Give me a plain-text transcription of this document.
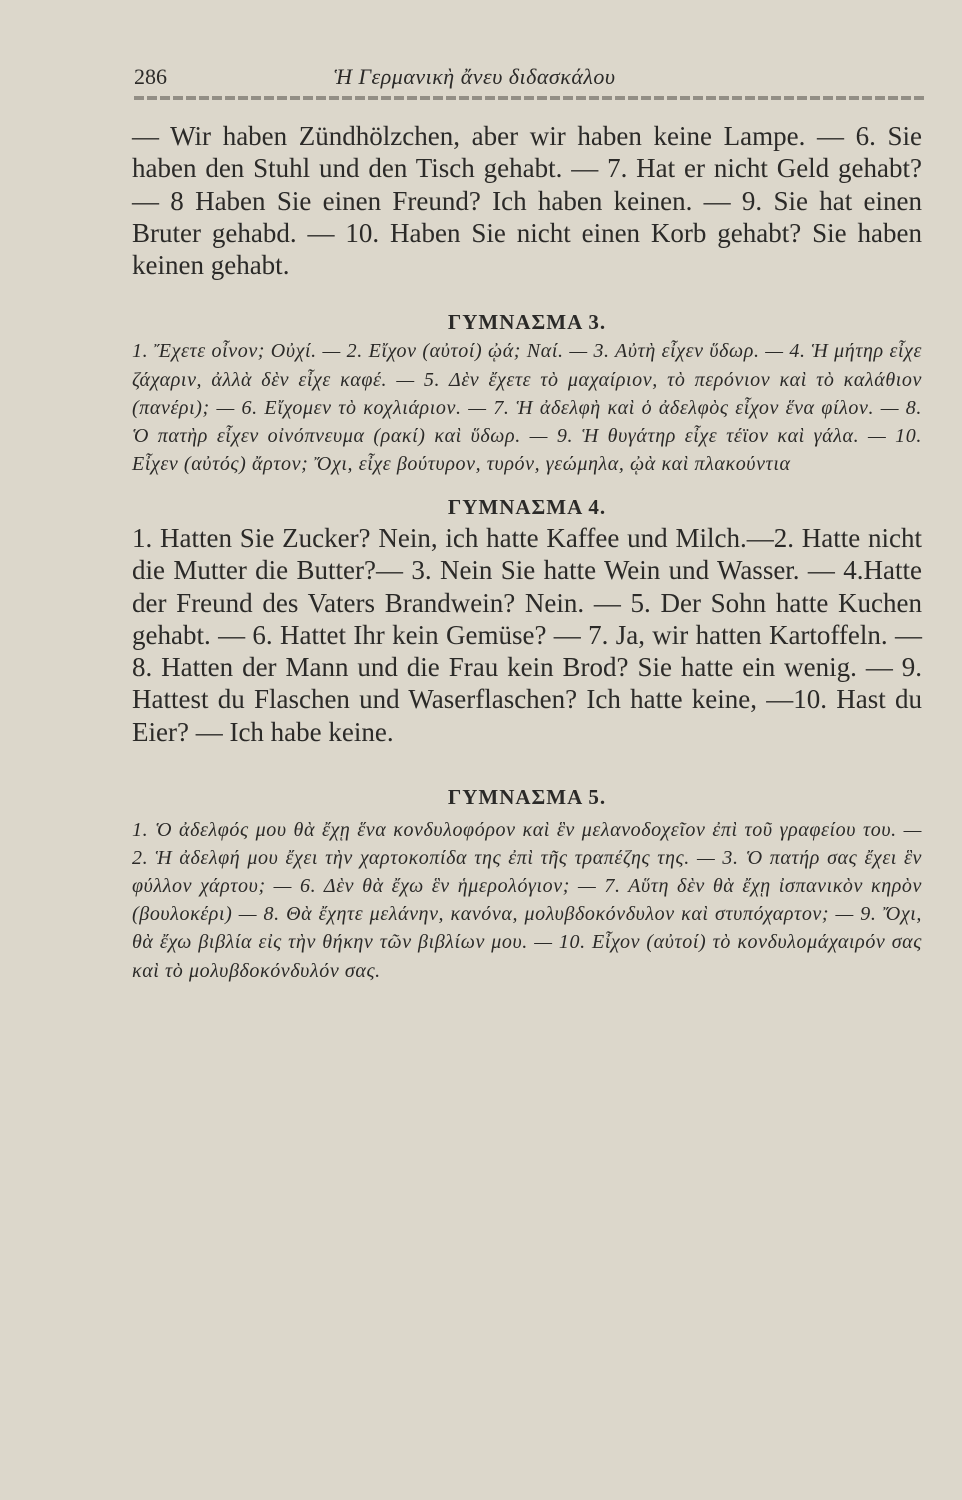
286	Ἡ Γερμανικὴ ἄνευ διδασκάλου

— Wir haben Zündhölzchen, aber wir haben keine Lampe. — 6. Sie haben den Stuhl und den Tisch gehabt. — 7. Hat er nicht Geld gehabt? — 8 Haben Sie einen Freund? Ich haben keinen. — 9. Sie hat einen Bruter gehabd. — 10. Haben Sie nicht einen Korb gehabt? Sie haben keinen gehabt.

ΓΥΜΝΑΣΜΑ 3.

1. Ἔχετε οἶνον; Οὐχί. — 2. Εἴχον (αὐτοί) ᾠά; Ναί. — 3. Αὐτὴ εἶχεν ὕδωρ. — 4. Ἡ μήτηρ εἶχε ζάχαριν, ἀλλὰ δὲν εἶχε καφέ. — 5. Δὲν ἔχετε τὸ μαχαίριον, τὸ περόνιον καὶ τὸ καλάθιον (πανέρι); — 6. Εἴχομεν τὸ κοχλιάριον. — 7. Ἡ ἀδελφὴ καὶ ὁ ἀδελφὸς εἶχον ἕνα φίλον. — 8. Ὁ πατὴρ εἶχεν οἰνόπνευμα (ρακί) καὶ ὕδωρ. — 9. Ἡ θυγάτηρ εἶχε τέϊον καὶ γάλα. — 10. Εἶχεν (αὐτός) ἄρτον; Ὄχι, εἶχε βούτυρον, τυρόν, γεώμηλα, ᾠὰ καὶ πλακούντια

ΓΥΜΝΑΣΜΑ 4.

1. Hatten Sie Zucker? Nein, ich hatte Kaffee und Milch.—2. Hatte nicht die Mutter die Butter?— 3. Nein Sie hatte Wein und Wasser. — 4.Hatte der Freund des Vaters Brandwein? Nein. — 5. Der Sohn hatte Kuchen gehabt. — 6. Hattet Ihr kein Gemüse? — 7. Ja, wir hatten Kartoffeln. — 8. Hatten der Mann und die Frau kein Brod? Sie hatte ein wenig. — 9. Hattest du Flaschen und Waserflaschen? Ich hatte keine, —10. Hast du Eier? — Ich habe keine.

ΓΥΜΝΑΣΜΑ 5.

1. Ὁ ἀδελφός μου θὰ ἔχῃ ἕνα κονδυλοφόρον καὶ ἓν μελανοδοχεῖον ἐπὶ τοῦ γραφείου του. — 2. Ἡ ἀδελφή μου ἔχει τὴν χαρτοκοπίδα της ἐπὶ τῆς τραπέζης της. — 3. Ὁ πατήρ σας ἔχει ἓν φύλλον χάρτου; — 6. Δὲν θὰ ἔχω ἓν ἡμερολόγιον; — 7. Αὕτη δὲν θὰ ἔχῃ ἰσπανικὸν κηρὸν (βουλοκέρι) — 8. Θὰ ἔχητε μελάνην, κανόνα, μολυβδοκόνδυλον καὶ στυπόχαρτον; — 9. Ὄχι, θὰ ἔχω βιβλία εἰς τὴν θήκην τῶν βιβλίων μου. — 10. Εἶχον (αὐτοί) τὸ κονδυλομάχαιρόν σας καὶ τὸ μολυβδοκόνδυλόν σας.
